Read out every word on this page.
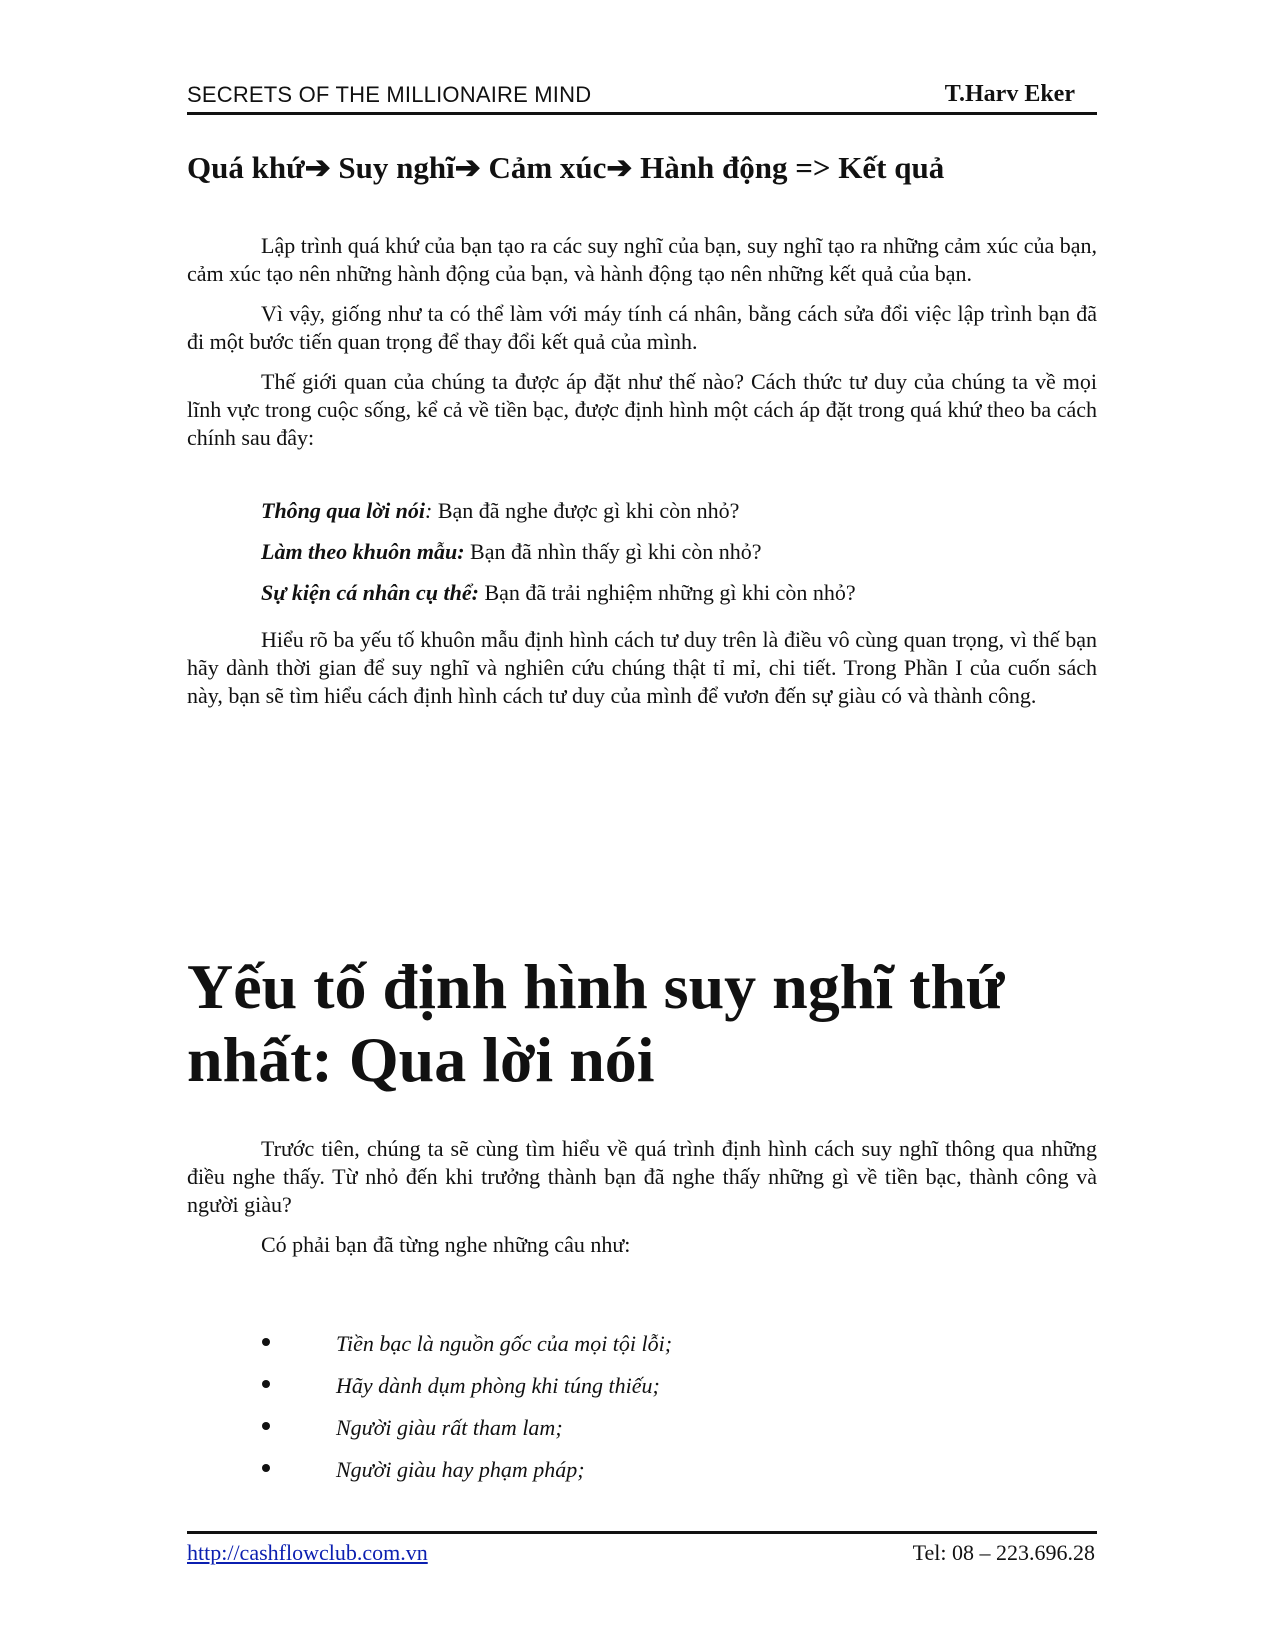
SECRETS OF THE MILLIONAIRE MIND	T.Harv Eker
Quá khứ➔ Suy nghĩ➔ Cảm xúc➔ Hành động => Kết quả

Lập trình quá khứ của bạn tạo ra các suy nghĩ của bạn, suy nghĩ tạo ra những cảm xúc của bạn, cảm xúc tạo nên những hành động của bạn, và hành động tạo nên những kết quả của bạn.

Vì vậy, giống như ta có thể làm với máy tính cá nhân, bằng cách sửa đổi việc lập trình bạn đã đi một bước tiến quan trọng để thay đổi kết quả của mình.

Thế giới quan của chúng ta được áp đặt như thế nào? Cách thức tư duy của chúng ta về mọi lĩnh vực trong cuộc sống, kể cả về tiền bạc, được định hình một cách áp đặt trong quá khứ theo ba cách chính sau đây:

Thông qua lời nói: Bạn đã nghe được gì khi còn nhỏ?
Làm theo khuôn mẫu: Bạn đã nhìn thấy gì khi còn nhỏ?
Sự kiện cá nhân cụ thể: Bạn đã trải nghiệm những gì khi còn nhỏ?

Hiểu rõ ba yếu tố khuôn mẫu định hình cách tư duy trên là điều vô cùng quan trọng, vì thế bạn hãy dành thời gian để suy nghĩ và nghiên cứu chúng thật tỉ mỉ, chi tiết. Trong Phần I của cuốn sách này, bạn sẽ tìm hiểu cách định hình cách tư duy của mình để vươn đến sự giàu có và thành công.

Yếu tố định hình suy nghĩ thứ
nhất: Qua lời nói

Trước tiên, chúng ta sẽ cùng tìm hiểu về quá trình định hình cách suy nghĩ thông qua những điều nghe thấy. Từ nhỏ đến khi trưởng thành bạn đã nghe thấy những gì về tiền bạc, thành công và người giàu?

Có phải bạn đã từng nghe những câu như:

Tiền bạc là nguồn gốc của mọi tội lỗi;
Hãy dành dụm phòng khi túng thiếu;
Người giàu rất tham lam;
Người giàu hay phạm pháp;
http://cashflowclub.com.vn	Tel: 08 – 223.696.28
